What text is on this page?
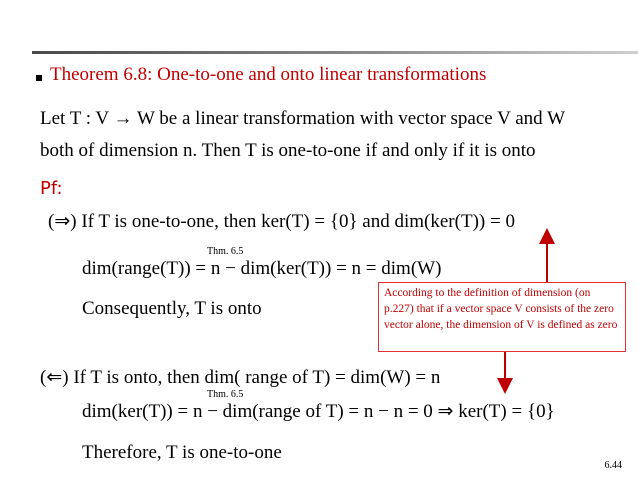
Theorem 6.8: One-to-one and onto linear transformations
Let T : V → W be a linear transformation with vector space V and W
both of dimension n. Then T is one-to-one if and only if it is onto
Pf:
(⇒) If T is one-to-one, then ker(T) = {0} and dim(ker(T)) = 0
Thm. 6.5
dim(range(T)) = n − dim(ker(T)) = n = dim(W)
Consequently, T is onto
According to the definition of dimension (on p.227) that if a vector space V consists of the zero vector alone, the dimension of V is defined as zero
(⇐) If T is onto, then dim( range of T) = dim(W) = n
Thm. 6.5
dim(ker(T)) = n − dim(range of T) = n − n = 0 ⇒ ker(T) = {0}
Therefore, T is one-to-one
6.44
